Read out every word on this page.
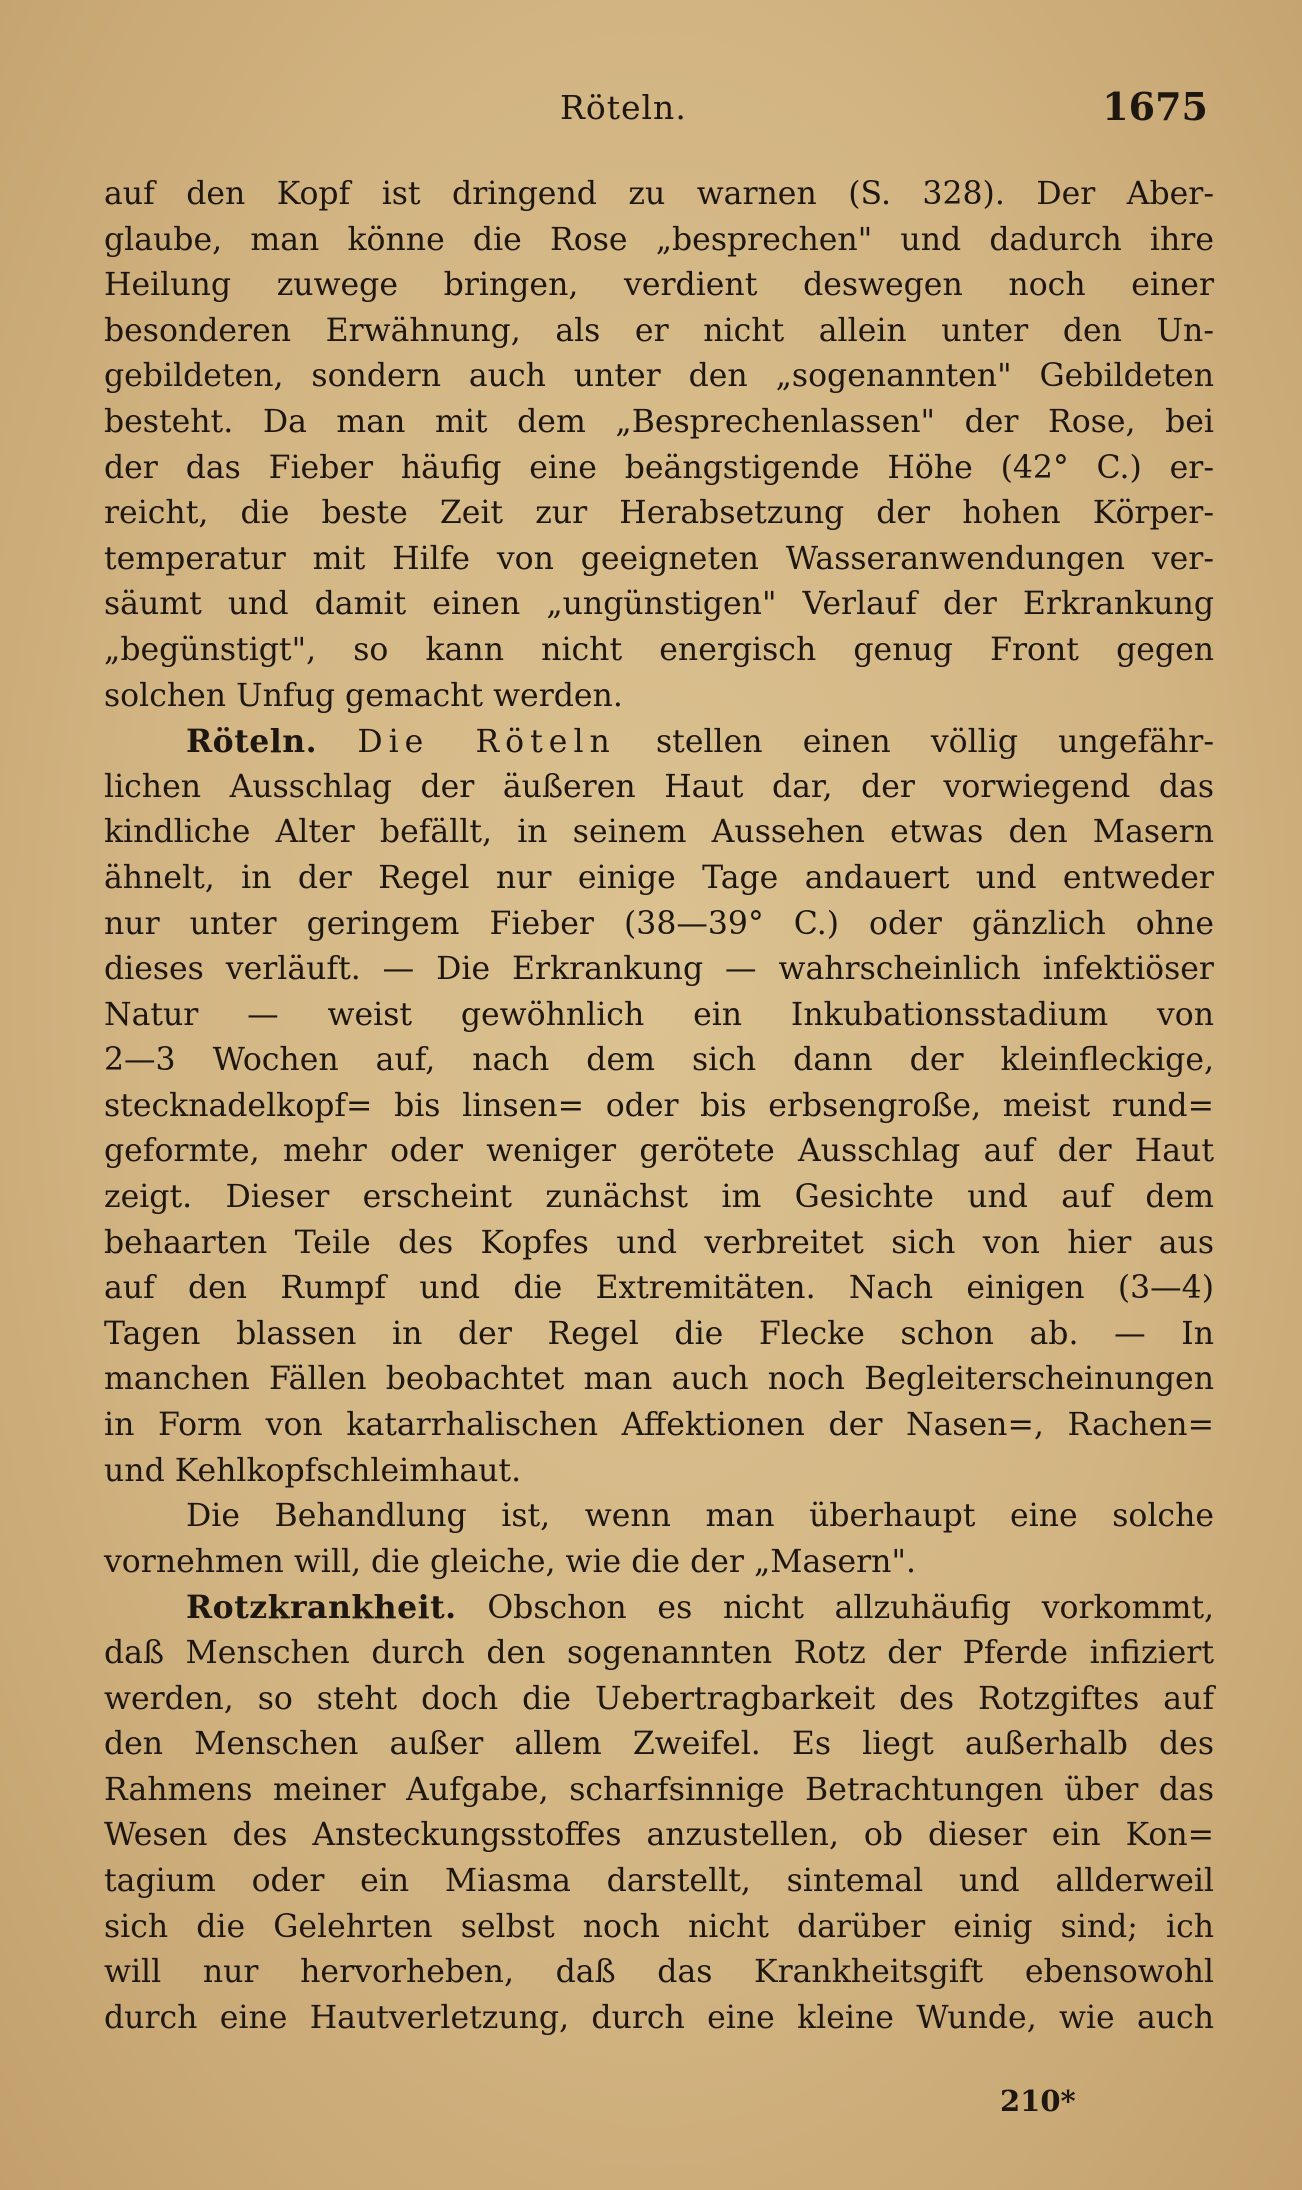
Röteln.	1675
auf den Kopf ist dringend zu warnen (S. 328). Der Aber-
glaube, man könne die Rose „besprechen" und dadurch ihre
Heilung zuwege bringen, verdient deswegen noch einer
besonderen Erwähnung, als er nicht allein unter den Un-
gebildeten, sondern auch unter den „sogenannten" Gebildeten
besteht. Da man mit dem „Besprechenlassen" der Rose, bei
der das Fieber häufig eine beängstigende Höhe (42° C.) er-
reicht, die beste Zeit zur Herabsetzung der hohen Körper-
temperatur mit Hilfe von geeigneten Wasseranwendungen ver-
säumt und damit einen „ungünstigen" Verlauf der Erkrankung
„begünstigt", so kann nicht energisch genug Front gegen
solchen Unfug gemacht werden.
Röteln. Die Röteln stellen einen völlig ungefähr-
lichen Ausschlag der äußeren Haut dar, der vorwiegend das
kindliche Alter befällt, in seinem Aussehen etwas den Masern
ähnelt, in der Regel nur einige Tage andauert und entweder
nur unter geringem Fieber (38—39° C.) oder gänzlich ohne
dieses verläuft. — Die Erkrankung — wahrscheinlich infektiöser
Natur — weist gewöhnlich ein Inkubationsstadium von
2—3 Wochen auf, nach dem sich dann der kleinfleckige,
stecknadelkopf= bis linsen= oder bis erbsengroße, meist rund=
geformte, mehr oder weniger gerötete Ausschlag auf der Haut
zeigt. Dieser erscheint zunächst im Gesichte und auf dem
behaarten Teile des Kopfes und verbreitet sich von hier aus
auf den Rumpf und die Extremitäten. Nach einigen (3—4)
Tagen blassen in der Regel die Flecke schon ab. — In
manchen Fällen beobachtet man auch noch Begleiterscheinungen
in Form von katarrhalischen Affektionen der Nasen=, Rachen=
und Kehlkopfschleimhaut.
Die Behandlung ist, wenn man überhaupt eine solche
vornehmen will, die gleiche, wie die der „Masern".
Rotzkrankheit. Obschon es nicht allzuhäufig vorkommt,
daß Menschen durch den sogenannten Rotz der Pferde infiziert
werden, so steht doch die Uebertragbarkeit des Rotzgiftes auf
den Menschen außer allem Zweifel. Es liegt außerhalb des
Rahmens meiner Aufgabe, scharfsinnige Betrachtungen über das
Wesen des Ansteckungsstoffes anzustellen, ob dieser ein Kon=
tagium oder ein Miasma darstellt, sintemal und allderweil
sich die Gelehrten selbst noch nicht darüber einig sind; ich
will nur hervorheben, daß das Krankheitsgift ebensowohl
durch eine Hautverletzung, durch eine kleine Wunde, wie auch
210*
